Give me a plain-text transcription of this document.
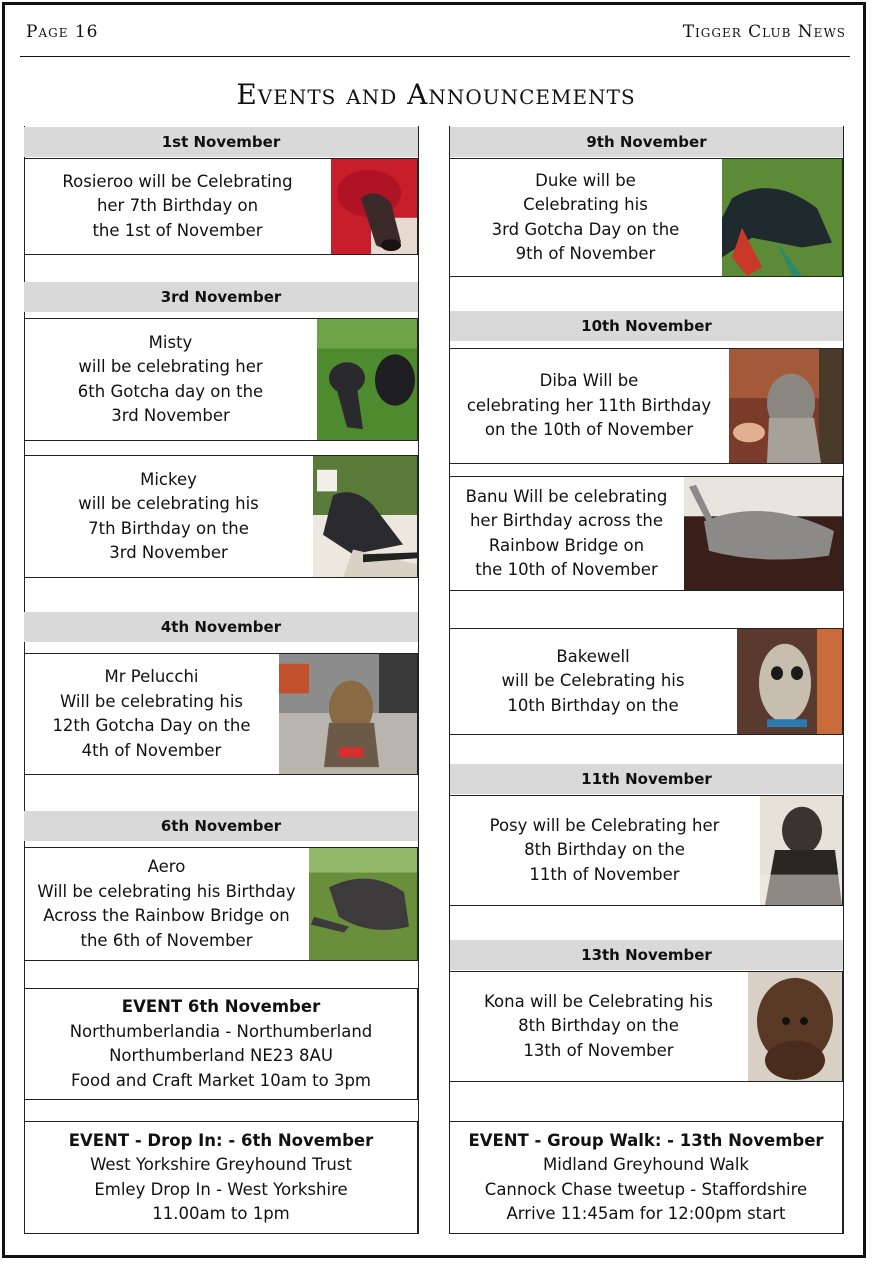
Page 16	Tigger Club News
Events and Announcements
1st November
Rosieroo will be Celebrating
her 7th Birthday on
the 1st of November
3rd November
Misty
will be celebrating her
6th Gotcha day on the
3rd November
Mickey
will be celebrating his
7th Birthday on the
3rd November
4th November
Mr Pelucchi
Will be celebrating his
12th Gotcha Day on the
4th of November
6th November
Aero
Will be celebrating his Birthday
Across the Rainbow Bridge on
the 6th of November
EVENT 6th November
Northumberlandia - Northumberland
Northumberland NE23 8AU
Food and Craft Market 10am to 3pm
EVENT - Drop In: - 6th November
West Yorkshire Greyhound Trust
Emley Drop In - West Yorkshire
11.00am to 1pm
9th November
Duke will be
Celebrating his
3rd Gotcha Day on the
9th of November
10th November
Diba Will be
celebrating her 11th Birthday
on the 10th of November
Banu Will be celebrating
her Birthday across the
Rainbow Bridge on
the 10th of November
Bakewell
will be Celebrating his
10th Birthday on the
11th November
Posy will be Celebrating her
8th Birthday on the
11th of November
13th November
Kona will be Celebrating his
8th Birthday on the
13th of November
EVENT - Group Walk: - 13th November
Midland Greyhound Walk
Cannock Chase tweetup - Staffordshire
Arrive 11:45am for 12:00pm start
